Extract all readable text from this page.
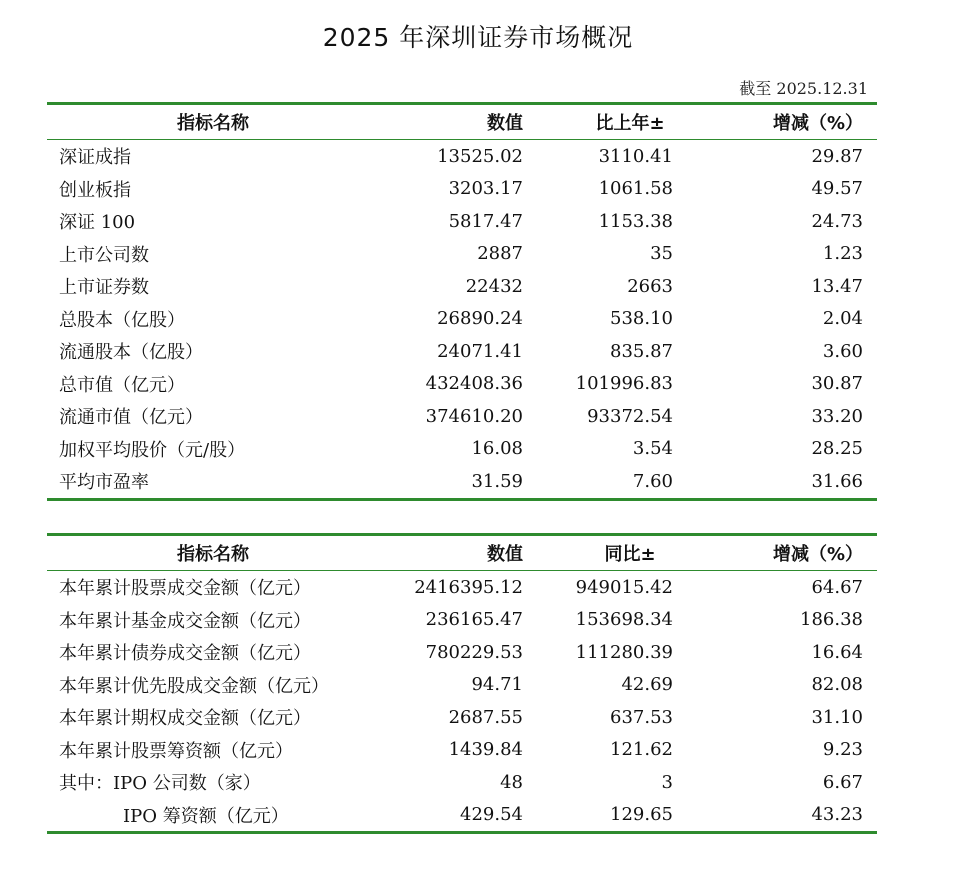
2025 年深圳证券市场概况
截至 2025.12.31
指标名称	数值	比上年±	增减（%）
深证成指	13525.02	3110.41	29.87
创业板指	3203.17	1061.58	49.57
深证 100	5817.47	1153.38	24.73
上市公司数	2887	35	1.23
上市证券数	22432	2663	13.47
总股本（亿股）	26890.24	538.10	2.04
流通股本（亿股）	24071.41	835.87	3.60
总市值（亿元）	432408.36	101996.83	30.87
流通市值（亿元）	374610.20	93372.54	33.20
加权平均股价（元/股）	16.08	3.54	28.25
平均市盈率	31.59	7.60	31.66
指标名称	数值	同比±	增减（%）
本年累计股票成交金额（亿元）	2416395.12	949015.42	64.67
本年累计基金成交金额（亿元）	236165.47	153698.34	186.38
本年累计债券成交金额（亿元）	780229.53	111280.39	16.64
本年累计优先股成交金额（亿元）	94.71	42.69	82.08
本年累计期权成交金额（亿元）	2687.55	637.53	31.10
本年累计股票筹资额（亿元）	1439.84	121.62	9.23
其中：IPO 公司数（家）	48	3	6.67
IPO 筹资额（亿元）	429.54	129.65	43.23
